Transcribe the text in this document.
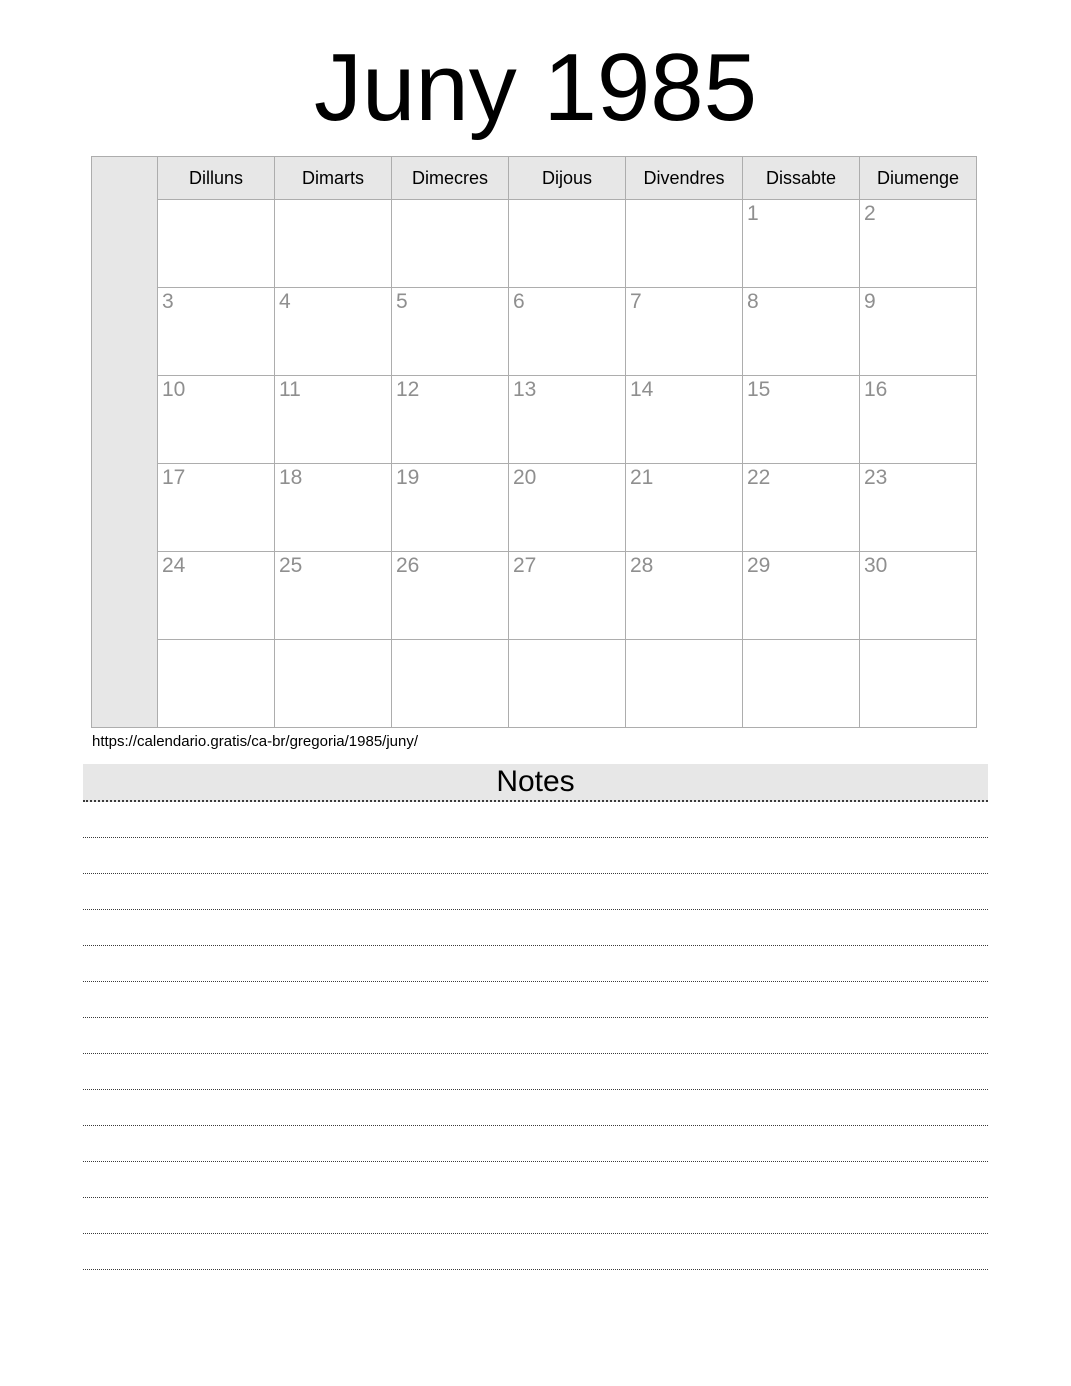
Juny 1985
	Dilluns	Dimarts	Dimecres	Dijous	Divendres	Dissabte	Diumenge
						1	2
	3	4	5	6	7	8	9
	10	11	12	13	14	15	16
	17	18	19	20	21	22	23
	24	25	26	27	28	29	30

https://calendario.gratis/ca-br/gregoria/1985/juny/
Notes
